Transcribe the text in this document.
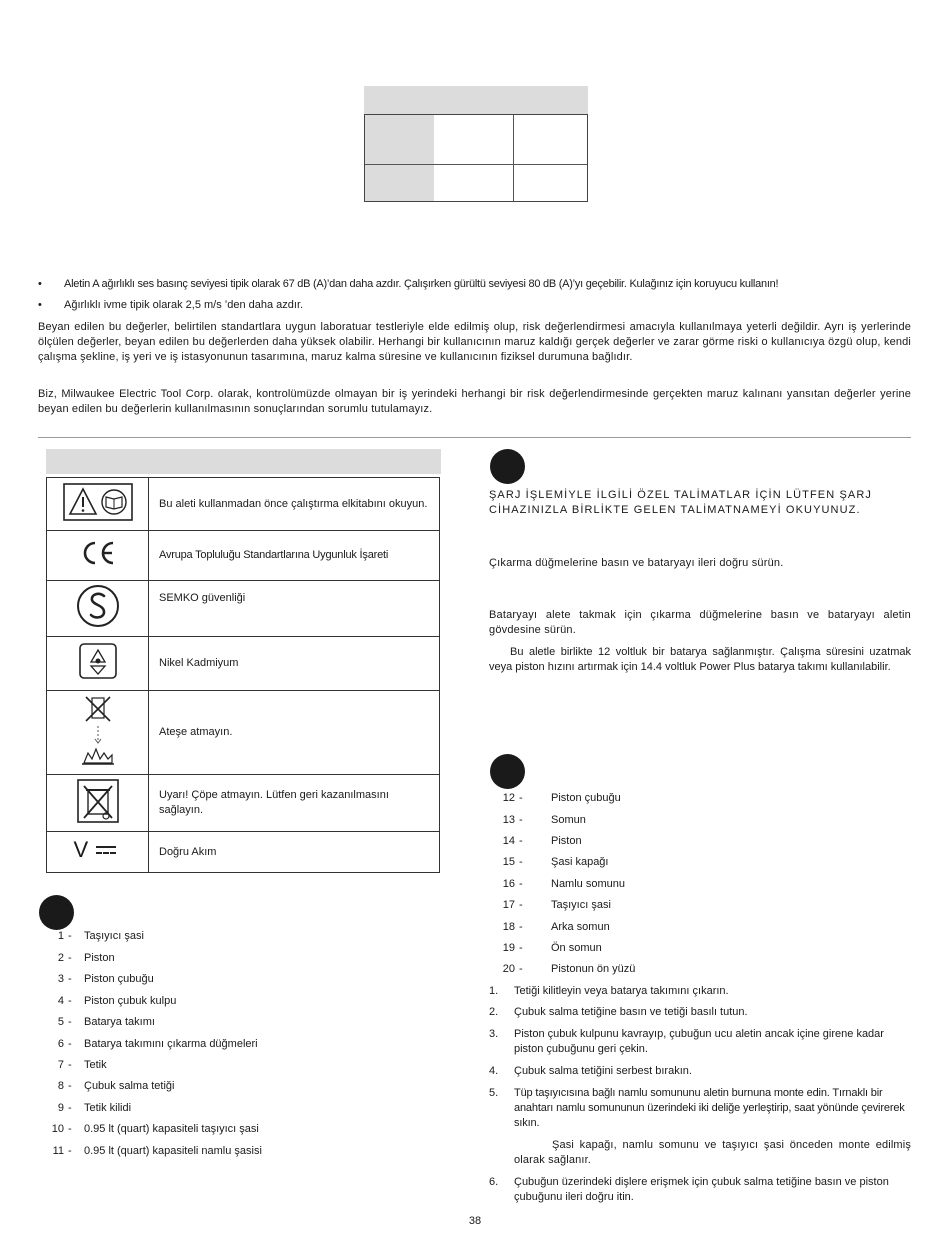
• Aletin A ağırlıklı ses basınç seviyesi tipik olarak 67 dB (A)’dan daha azdır. Çalışırken gürültü seviyesi 80 dB (A)’yı geçebilir. Kulağınız için koruyucu kullanın!
• Ağırlıklı ivme tipik olarak 2,5 m/s ’den daha azdır.

Beyan edilen bu değerler, belirtilen standartlara uygun laboratuar testleriyle elde edilmiş olup, risk değerlendirmesi amacıyla kullanılmaya yeterli değildir. Ayrı iş yerlerinde ölçülen değerler, beyan edilen bu değerlerden daha yüksek olabilir. Herhangi bir kullanıcının maruz kaldığı gerçek değerler ve zarar görme riski o kullanıcıya özgü olup, kendi çalışma şekline, iş yeri ve iş istasyonunun tasarımına, maruz kalma süresine ve kullanıcının fiziksel durumuna bağlıdır.

Biz, Milwaukee Electric Tool Corp. olarak, kontrolümüzde olmayan bir iş yerindeki herhangi bir risk değerlendirmesinde gerçekten maruz kalınanı yansıtan değerler yerine beyan edilen bu değerlerin kullanılmasının sonuçlarından sorumlu tutulamayız.

	Bu aleti kullanmadan önce çalıştırma elkitabını okuyun.
	Avrupa Topluluğu Standartlarına Uygunluk İşareti
	SEMKO güvenliği
	Nikel Kadmiyum
	Ateşe atmayın.
	Uyarı! Çöpe atmayın. Lütfen geri kazanılmasını sağlayın.

V	Doğru Akım
1 - Taşıyıcı şasi
2 - Piston
3 - Piston çubuğu
4 - Piston çubuk kulpu
5 - Batarya takımı
6 - Batarya takımını çıkarma düğmeleri
7 - Tetik
8 - Çubuk salma tetiği
9 - Tetik kilidi
10 - 0.95 lt (quart) kapasiteli taşıyıcı şasi
11 - 0.95 lt (quart) kapasiteli namlu şasisi

ŞARJ İŞLEMİYLE İLGİLİ ÖZEL TALİMATLAR İÇİN LÜTFEN ŞARJ CİHAZINIZLA BİRLİKTE GELEN TALİMATNAMEYİ OKUYUNUZ.

Çıkarma düğmelerine basın ve bataryayı ileri doğru sürün.

Bataryayı alete takmak için çıkarma düğmelerine basın ve bataryayı aletin gövdesine sürün.

Bu aletle birlikte 12 voltluk bir batarya sağlanmıştır. Çalışma süresini uzatmak veya piston hızını artırmak için 14.4 voltluk Power Plus batarya takımı kullanılabilir.

12 -	Piston çubuğu
13 -	Somun
14 -	Piston
15 -	Şasi kapağı
16 -	Namlu somunu
17 -	Taşıyıcı şasi
18 -	Arka somun
19 -	Ön somun
20 -	Pistonun ön yüzü
1. Tetiği kilitleyin veya batarya takımını çıkarın.
2. Çubuk salma tetiğine basın ve tetiği basılı tutun.
3. Piston çubuk kulpunu kavrayıp, çubuğun ucu aletin ancak içine girene kadar piston çubuğunu geri çekin.
4. Çubuk salma tetiğini serbest bırakın.
5. Tüp taşıyıcısına bağlı namlu somununu aletin burnuna monte edin. Tırnaklı bir anahtarı namlu somununun üzerindeki iki deliğe yerleştirip, saat yönünde çevirerek sıkın.

Şasi kapağı, namlu somunu ve taşıyıcı şasi önceden monte edilmiş olarak sağlanır.

6. Çubuğun üzerindeki dişlere erişmek için çubuk salma tetiğine basın ve piston çubuğunu ileri doğru itin.
38
